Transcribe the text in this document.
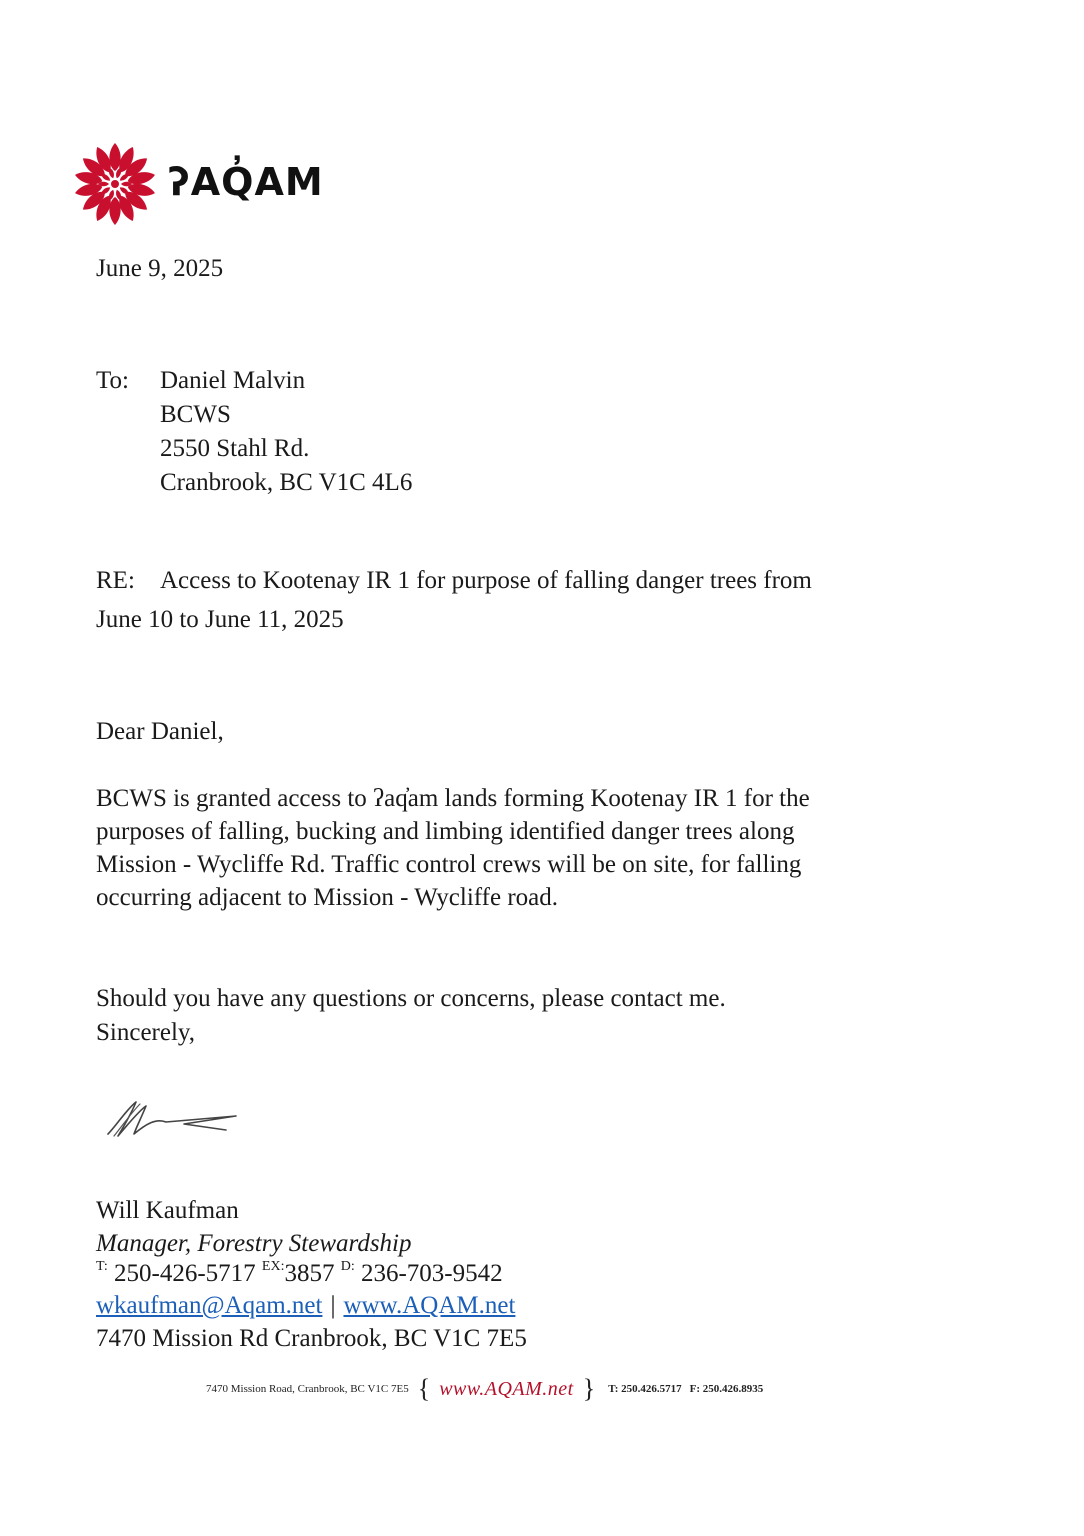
ʔAQ̓AM
June 9, 2025
To: Daniel Malvin
BCWS
2550 Stahl Rd.
Cranbrook, BC V1C 4L6
RE: Access to Kootenay IR 1 for purpose of falling danger trees from
June 10 to June 11, 2025
Dear Daniel,
BCWS is granted access to ʔaq̓am lands forming Kootenay IR 1 for the
purposes of falling, bucking and limbing identified danger trees along
Mission - Wycliffe Rd. Traffic control crews will be on site, for falling
occurring adjacent to Mission - Wycliffe road.
Should you have any questions or concerns, please contact me.
Sincerely,
Will Kaufman
Manager, Forestry Stewardship
$^{T:}$ 250-426-5717 $^{EX:}$3857 $^{D:}$ 236-703-9542
wkaufman@Aqam.net | www.AQAM.net
7470 Mission Rd Cranbrook, BC V1C 7E5
7470 Mission Road, Cranbrook, BC V1C 7E5 { www.AQAM.net }	T: 250.426.5717 F: 250.426.8935
